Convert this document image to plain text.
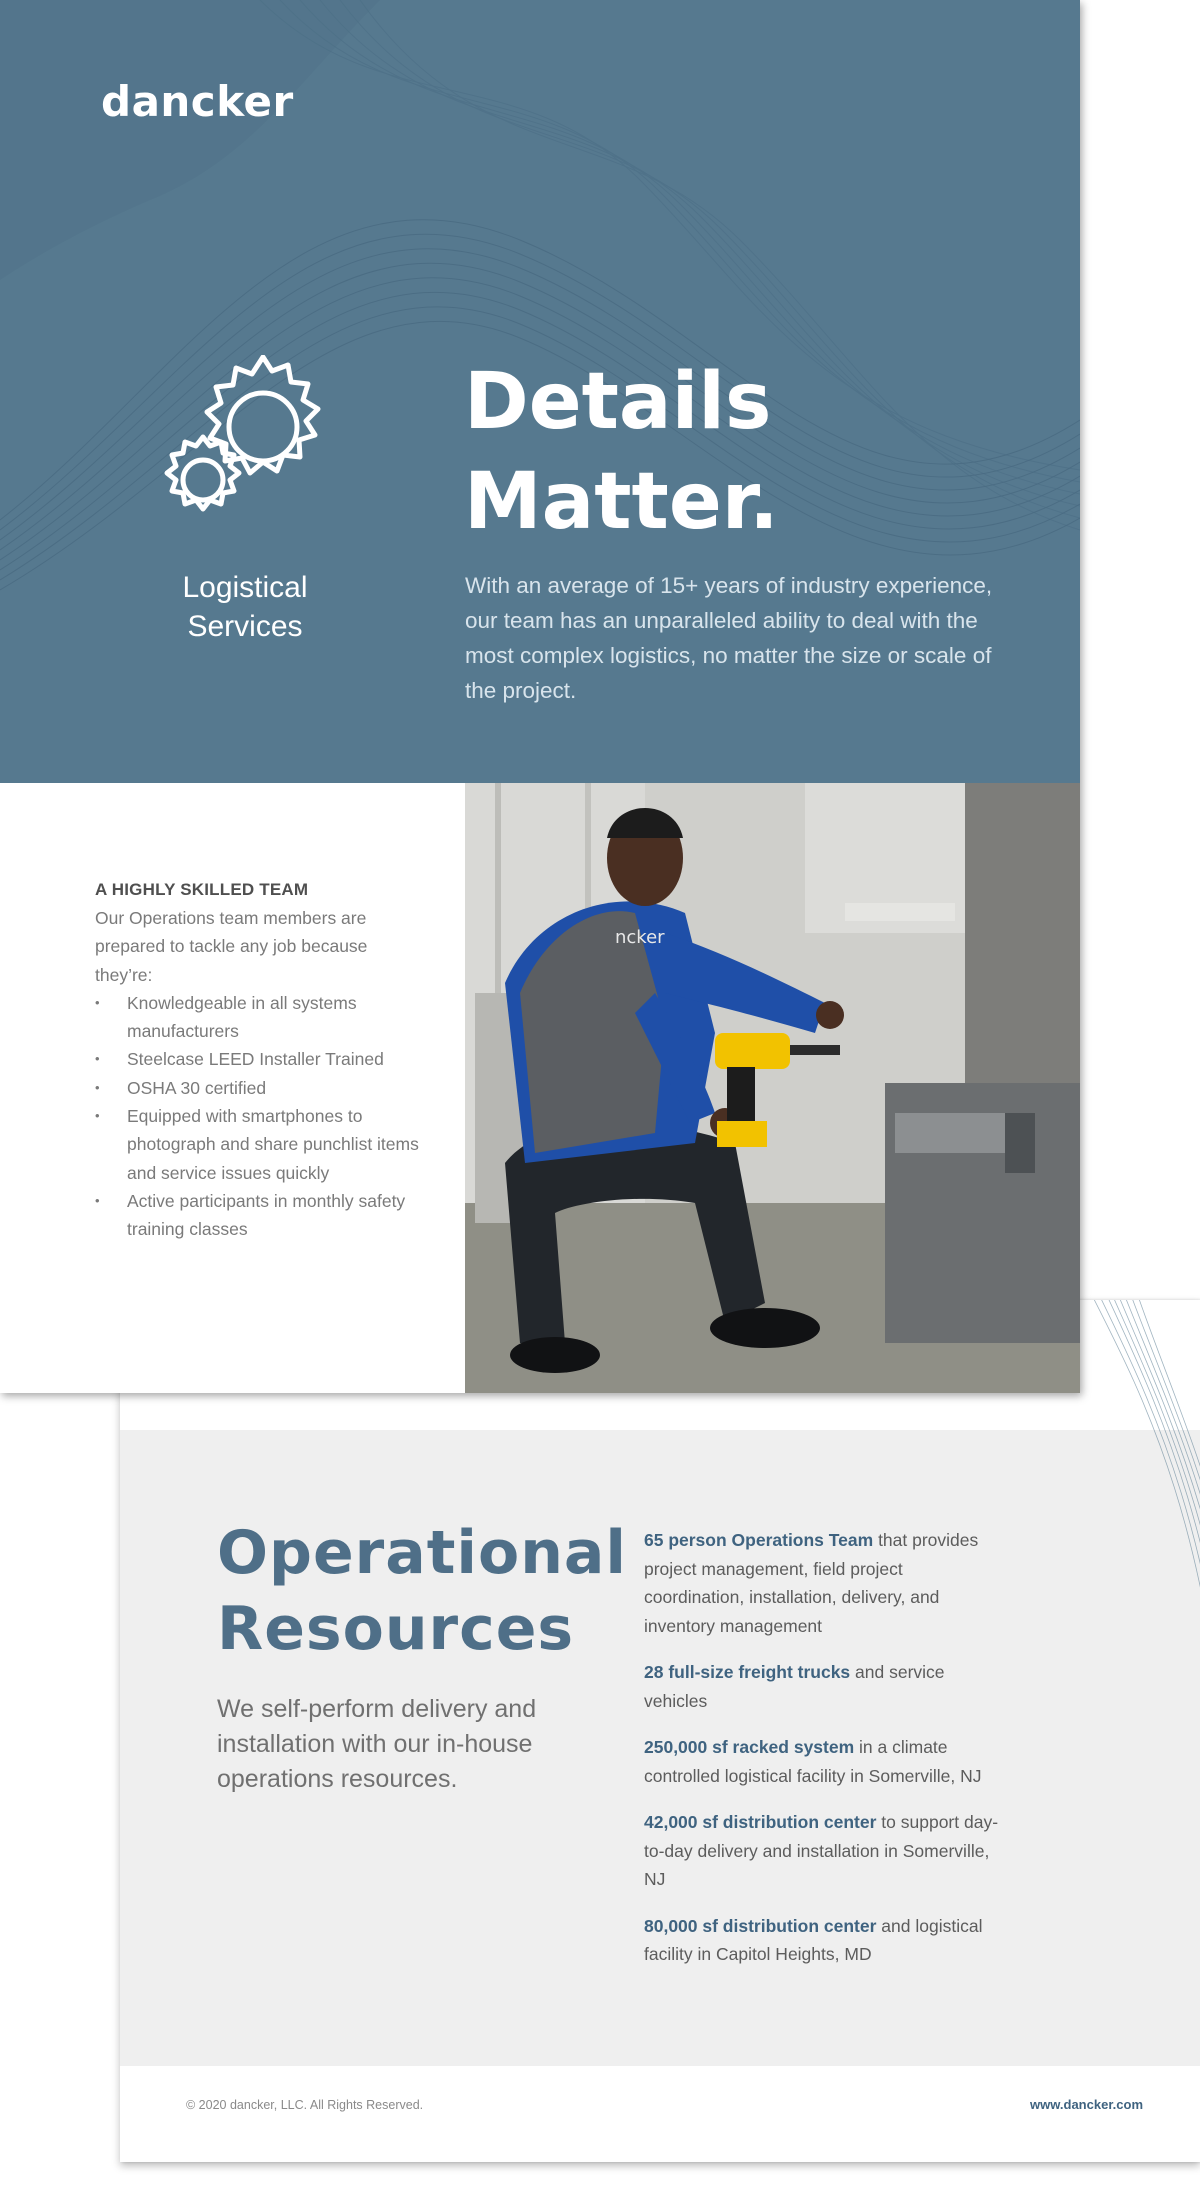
Operational
Resources
We self-perform delivery and installation with our in-house operations resources.
65 person Operations Team that provides project management, field project coordination, installation, delivery, and inventory management
28 full-size freight trucks and service vehicles
250,000 sf racked system in a climate controlled logistical facility in Somerville, NJ
42,000 sf distribution center to support day-to-day delivery and installation in Somerville, NJ
80,000 sf distribution center and logistical facility in Capitol Heights, MD
© 2020 dancker, LLC. All Rights Reserved.	www.dancker.com
dancker
Logistical Services
Details
Matter.
With an average of 15+ years of industry experience, our team has an unparalleled ability to deal with the most complex logistics, no matter the size or scale of the project.
A HIGHLY SKILLED TEAM
Our Operations team members are prepared to tackle any job because they’re:
• Knowledgeable in all systems manufacturers
• Steelcase LEED Installer Trained
• OSHA 30 certified
• Equipped with smartphones to photograph and share punchlist items and service issues quickly
• Active participants in monthly safety training classes
ncker
